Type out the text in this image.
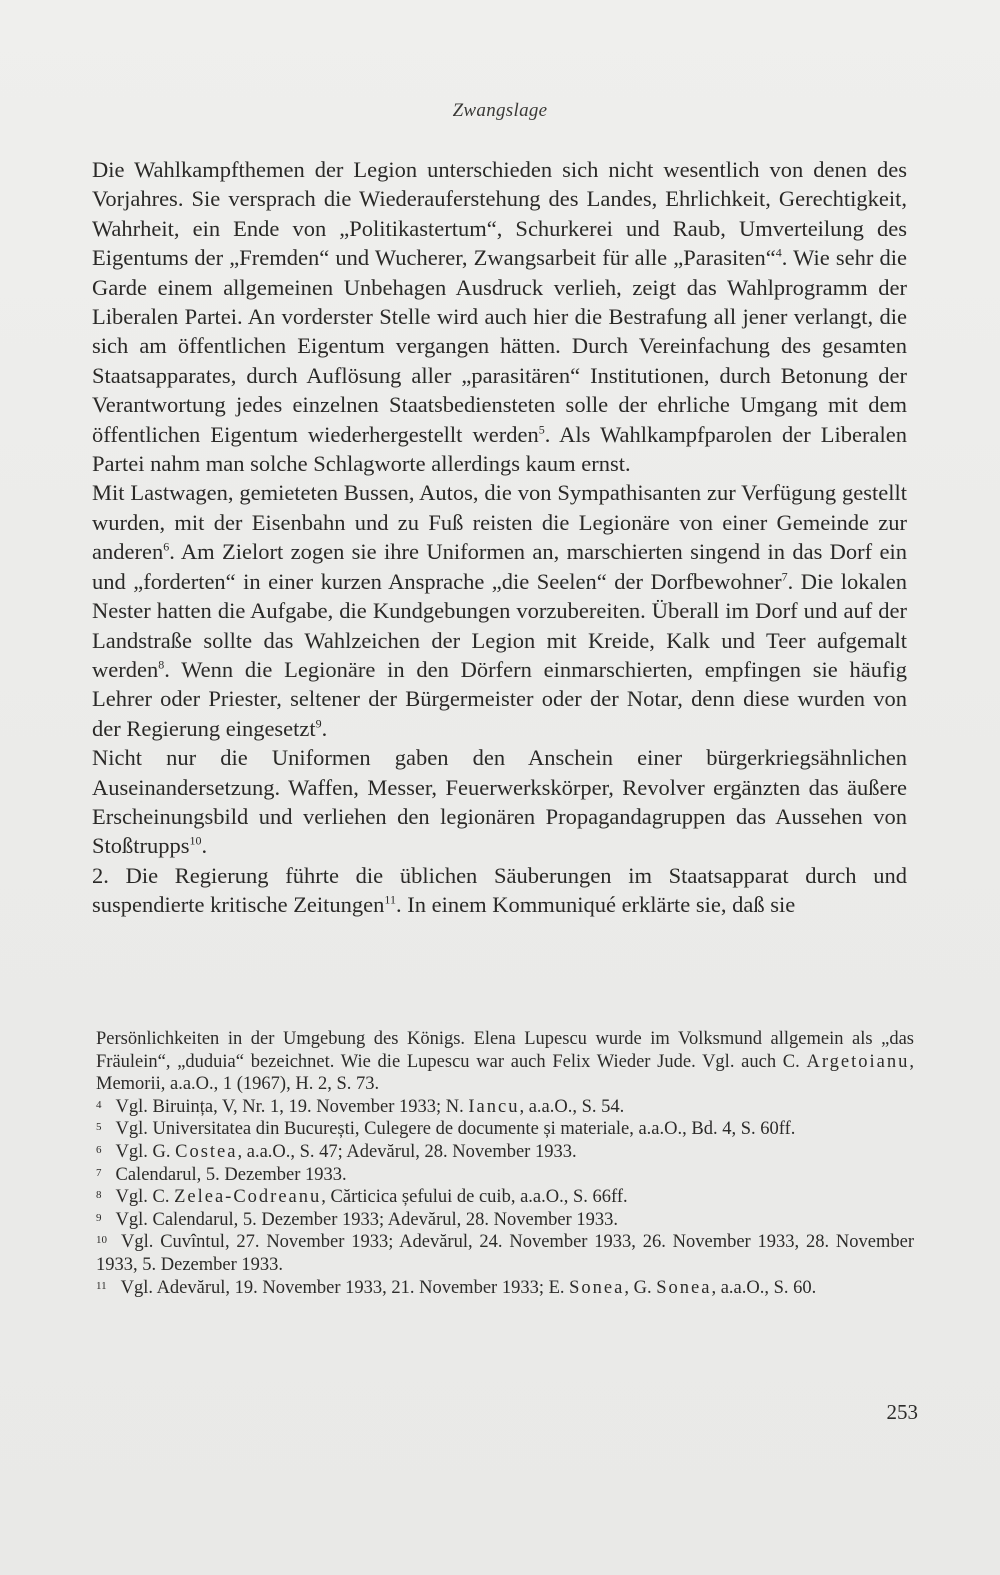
Zwangslage

Die Wahlkampfthemen der Legion unterschieden sich nicht wesentlich von denen des Vorjahres. Sie versprach die Wiederauferstehung des Landes, Ehrlichkeit, Gerechtigkeit, Wahrheit, ein Ende von „Politikastertum“, Schurkerei und Raub, Umverteilung des Eigentums der „Fremden“ und Wucherer, Zwangsarbeit für alle „Parasiten“$^4$. Wie sehr die Garde einem allgemeinen Unbehagen Ausdruck verlieh, zeigt das Wahlprogramm der Liberalen Partei. An vorderster Stelle wird auch hier die Bestrafung all jener verlangt, die sich am öffentlichen Eigentum vergangen hätten. Durch Vereinfachung des gesamten Staatsapparates, durch Auflösung aller „parasitären“ Institutionen, durch Betonung der Verantwortung jedes einzelnen Staatsbediensteten solle der ehrliche Umgang mit dem öffentlichen Eigentum wiederhergestellt werden$^5$. Als Wahlkampfparolen der Liberalen Partei nahm man solche Schlagworte allerdings kaum ernst.

Mit Lastwagen, gemieteten Bussen, Autos, die von Sympathisanten zur Verfügung gestellt wurden, mit der Eisenbahn und zu Fuß reisten die Legionäre von einer Gemeinde zur anderen$^6$. Am Zielort zogen sie ihre Uniformen an, marschierten singend in das Dorf ein und „forderten“ in einer kurzen Ansprache „die Seelen“ der Dorfbewohner$^7$. Die lokalen Nester hatten die Aufgabe, die Kundgebungen vorzubereiten. Überall im Dorf und auf der Landstraße sollte das Wahlzeichen der Legion mit Kreide, Kalk und Teer aufgemalt werden$^8$. Wenn die Legionäre in den Dörfern einmarschierten, empfingen sie häufig Lehrer oder Priester, seltener der Bürgermeister oder der Notar, denn diese wurden von der Regierung eingesetzt$^9$.

Nicht nur die Uniformen gaben den Anschein einer bürgerkriegsähnlichen Auseinandersetzung. Waffen, Messer, Feuerwerkskörper, Revolver ergänzten das äußere Erscheinungsbild und verliehen den legionären Propagandagruppen das Aussehen von Stoßtrupps$^{10}$.

2. Die Regierung führte die üblichen Säuberungen im Staatsapparat durch und suspendierte kritische Zeitungen$^{11}$. In einem Kommuniqué erklärte sie, daß sie

Persönlichkeiten in der Umgebung des Königs. Elena Lupescu wurde im Volksmund allgemein als „das Fräulein“, „duduia“ bezeichnet. Wie die Lupescu war auch Felix Wieder Jude. Vgl. auch C. Argetoianu, Memorii, a.a.O., 1 (1967), H. 2, S. 73.
4 Vgl. Biruința, V, Nr. 1, 19. November 1933; N. Iancu, a.a.O., S. 54.
5 Vgl. Universitatea din București, Culegere de documente și materiale, a.a.O., Bd. 4, S. 60ff.
6 Vgl. G. Costea, a.a.O., S. 47; Adevărul, 28. November 1933.
7 Calendarul, 5. Dezember 1933.
8 Vgl. C. Zelea-Codreanu, Cărticica șefului de cuib, a.a.O., S. 66ff.
9 Vgl. Calendarul, 5. Dezember 1933; Adevărul, 28. November 1933.
10 Vgl. Cuvîntul, 27. November 1933; Adevărul, 24. November 1933, 26. November 1933, 28. November 1933, 5. Dezember 1933.
11 Vgl. Adevărul, 19. November 1933, 21. November 1933; E. Sonea, G. Sonea, a.a.O., S. 60.
253
